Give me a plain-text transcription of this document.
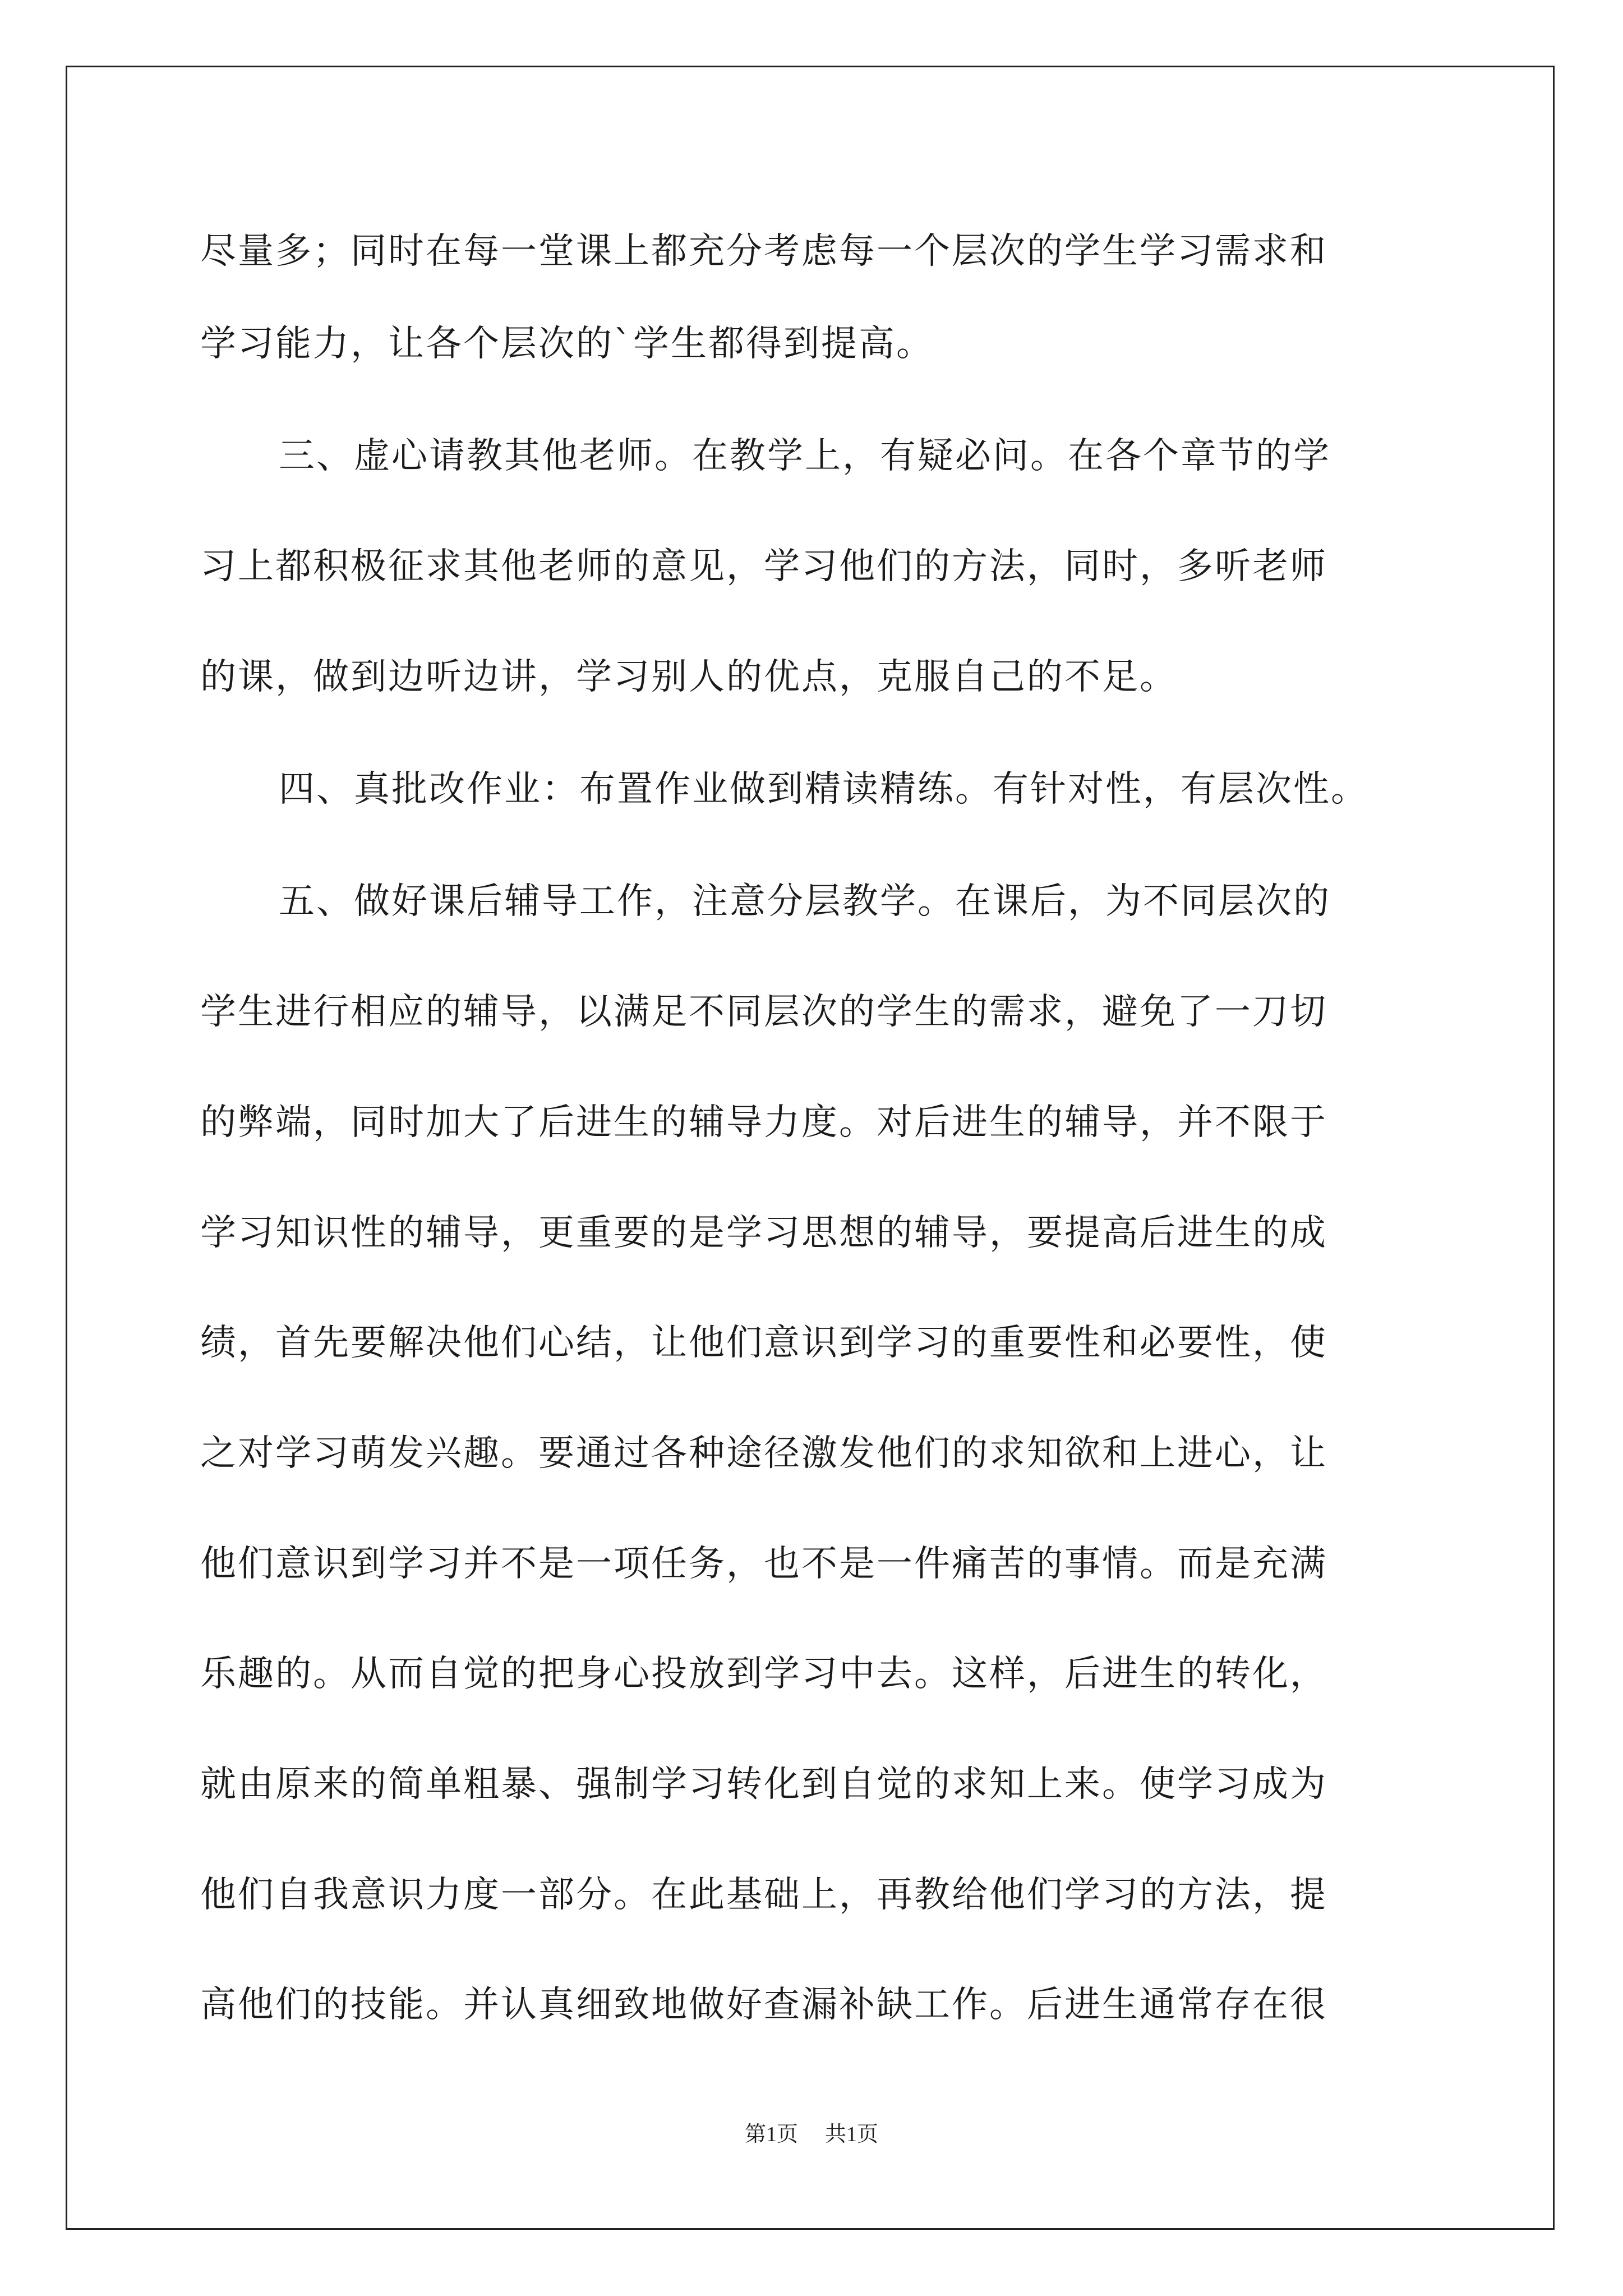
尽量多；同时在每一堂课上都充分考虑每一个层次的学生学习需求和

学习能力，让各个层次的`学生都得到提高。

三、虚心请教其他老师。在教学上，有疑必问。在各个章节的学

习上都积极征求其他老师的意见，学习他们的方法，同时，多听老师

的课，做到边听边讲，学习别人的优点，克服自己的不足。

四、真批改作业：布置作业做到精读精练。有针对性，有层次性。

五、做好课后辅导工作，注意分层教学。在课后，为不同层次的

学生进行相应的辅导，以满足不同层次的学生的需求，避免了一刀切

的弊端，同时加大了后进生的辅导力度。对后进生的辅导，并不限于

学习知识性的辅导，更重要的是学习思想的辅导，要提高后进生的成

绩，首先要解决他们心结，让他们意识到学习的重要性和必要性，使

之对学习萌发兴趣。要通过各种途径激发他们的求知欲和上进心，让

他们意识到学习并不是一项任务，也不是一件痛苦的事情。而是充满

乐趣的。从而自觉的把身心投放到学习中去。这样，后进生的转化，

就由原来的简单粗暴、强制学习转化到自觉的求知上来。使学习成为

他们自我意识力度一部分。在此基础上，再教给他们学习的方法，提

高他们的技能。并认真细致地做好查漏补缺工作。后进生通常存在很

第1页 共1页
